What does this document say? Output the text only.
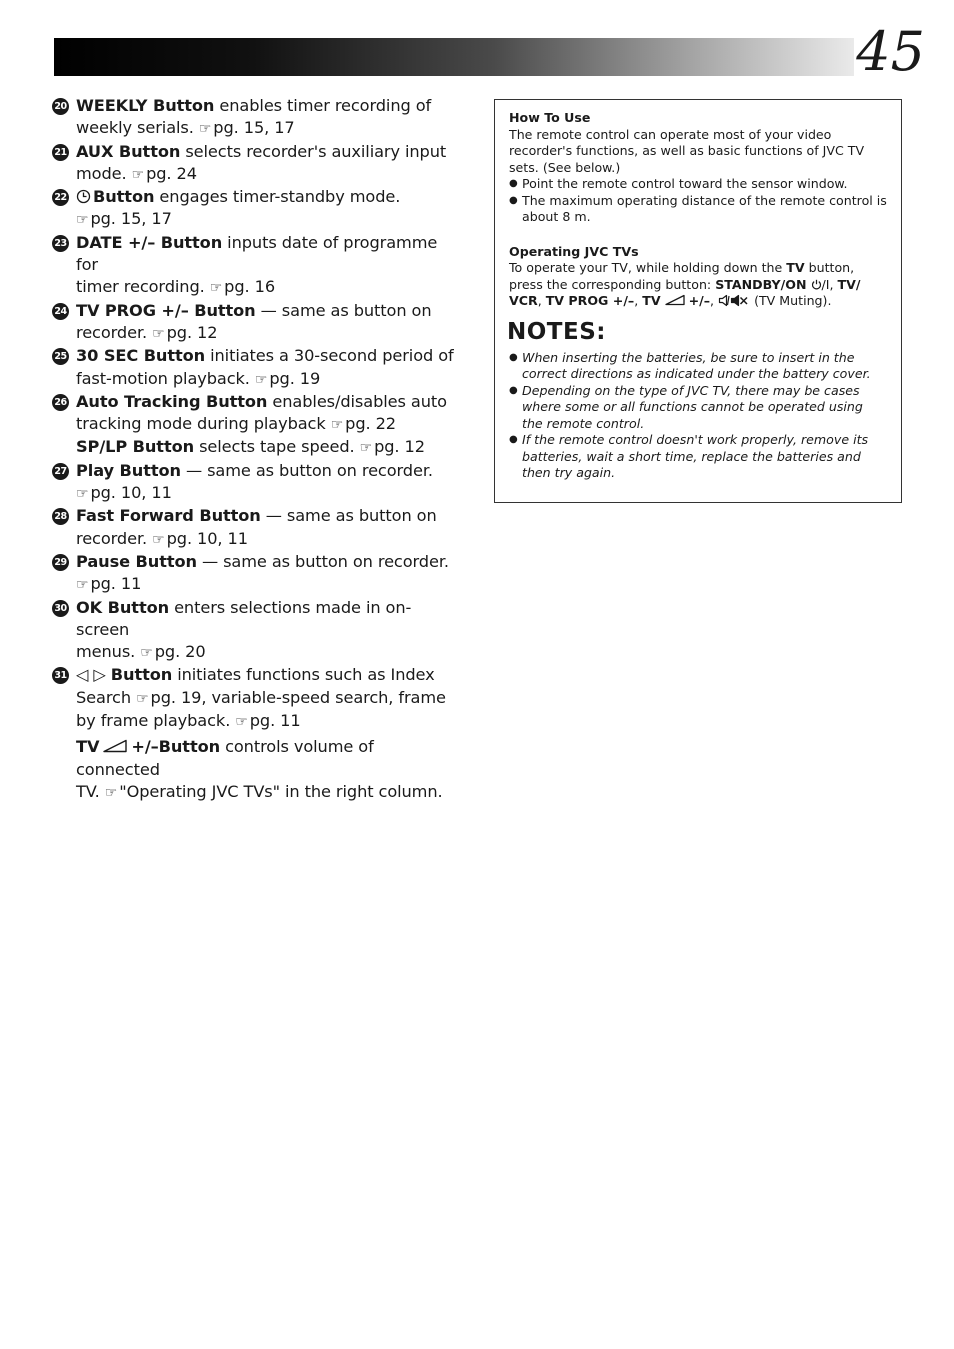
45
20 WEEKLY Button enables timer recording of
weekly serials. ☞ pg. 15, 17
21 AUX Button selects recorder's auxiliary input
mode. ☞ pg. 24
22 Button engages timer-standby mode.
☞ pg. 15, 17
23 DATE +/– Button inputs date of programme for
timer recording. ☞ pg. 16
24 TV PROG +/– Button — same as button on
recorder. ☞ pg. 12
25 30 SEC Button initiates a 30-second period of
fast-motion playback. ☞ pg. 19
26 Auto Tracking Button enables/disables auto
tracking mode during playback ☞ pg. 22
SP/LP Button selects tape speed. ☞ pg. 12
27 Play Button — same as button on recorder.
☞ pg. 10, 11
28 Fast Forward Button — same as button on
recorder. ☞ pg. 10, 11
29 Pause Button — same as button on recorder.
☞ pg. 11
30 OK Button enters selections made in on-screen
menus. ☞ pg. 20
31 ◁ ▷ Button initiates functions such as Index
Search ☞ pg. 19, variable-speed search, frame
by frame playback. ☞ pg. 11
TV +/–Button controls volume of connected
TV. ☞ "Operating JVC TVs" in the right column.
How To Use
The remote control can operate most of your video recorder's functions, as well as basic functions of JVC TV sets. (See below.)
● Point the remote control toward the sensor window.
● The maximum operating distance of the remote control is about 8 m.
Operating JVC TVs
To operate your TV, while holding down the TV button, press the corresponding button: STANDBY/ON /I, TV/ VCR, TV PROG +/–, TV +/–,	(TV Muting).
NOTES:
● When inserting the batteries, be sure to insert in the correct directions as indicated under the battery cover.
● Depending on the type of JVC TV, there may be cases where some or all functions cannot be operated using the remote control.
● If the remote control doesn't work properly, remove its batteries, wait a short time, replace the batteries and then try again.
